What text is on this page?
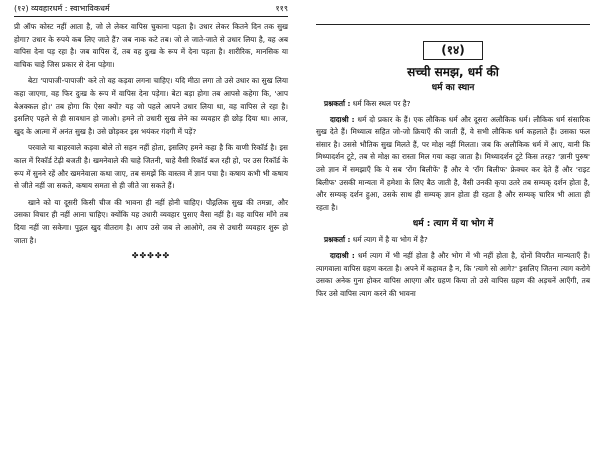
(१२) व्यवहारधर्म : स्वाभाविकधर्म	११९

प्री ऑफ कोस्ट नहीं आता है, जो ले लेकर वापिस चुकाना पड़ता है। उधार लेकर कितने दिन तक सुख होगा? उधार के रुपये कब लिए जाते हैं? जब नाक कटे तब। जो ले जाते-जाते से उधार लिया है, वह अब वापिस देना पड़ रहा है। जब वापिस दें, तब वह दुःख के रूप में देना पड़ता है। शारीरिक, मानसिक या वाचिक चाहे जिस प्रकार से देना पड़ेगा।

बेटा 'पापाजी-पापाजी' करे तो वह कड़वा लगना चाहिए। यदि मीठा लगा तो उसे उधार का सुख लिया कहा जाएगा, वह फिर दुःख के रूप में वापिस देना पड़ेगा। बेटा बड़ा होगा तब आपसे कहेगा कि, 'आप बेअक्कल हो।' तब होगा कि ऐसा क्यों? यह जो पहले आपने उधार लिया था, वह वापिस ले रहा है। इसलिए पहले से ही सावधान हो जाओ। हमने तो उधारी सुख लेने का व्यवहार ही छोड़ दिया था। आज, खुद के आत्मा में अनंत सुख है। उसे छोड़कर इस भयंकर गंदगी में पड़ें?

परवाले या बाहरवाले कड़वा बोले तो सहन नहीं होता, इसलिए हमने कहा है कि वाणी रिकॉर्ड है। इस काल में रिकॉर्ड टेढ़ी बजती है। खमनेवाले की चाहे जितनी, चाहे वैसी रिकॉर्ड बज रही हो, पर उस रिकॉर्ड के रूप में सुनने रहें और खमनेवाला कथा जाए, तब समझें कि वास्तव में ज्ञान पचा है। कषाय कभी भी कषाय से जीते नहीं जा सकते, कषाय समता से ही जीते जा सकते हैं।

खाने को या दूसरी किसी चीज की भावना ही नहीं होनी चाहिए। पौद्गलिक सुख की तमन्ना, और उसका विचार ही नहीं आना चाहिए। क्योंकि यह उधारी व्यवहार पुसाए वैसा नहीं है। वह वापिस माँगे तब दिया नहीं जा सकेगा। पुद्गल खुद वीतराग है। आप उसे जब ले आओगे, तब से उधारी व्यवहार शुरू हो जाता है।

✤✤✤✤✤
(१४)
सच्ची समझ, धर्म की
धर्म का स्थान
प्रश्नकर्ता : धर्म किस स्थल पर है?

दादाश्री : धर्म दो प्रकार के हैं। एक लौकिक धर्म और दूसरा अलौकिक धर्म। लौकिक धर्म संसारिक सुख देते हैं। मिथ्यात्व सहित जो-जो क्रियाएँ की जाती हैं, वे सभी लौकिक धर्म कहलाते हैं। उसका फल संसार है। उससे भौतिक सुख मिलते हैं, पर मोक्ष नहीं मिलता। जब कि अलौकिक धर्म में आए, यानी कि मिथ्यादर्शन टूटे, तब से मोक्ष का रास्ता मिल गया कहा जाता है। मिथ्यादर्शन टूटे किस तरह? 'ज्ञानी पुरुष' उसे ज्ञान में समझाएँ कि ये सब 'रोंग बिलीफें' हैं और ये 'राँग बिलीफ' फ्रेक्चर कर देते हैं और 'राइट बिलीफ' उसकी मान्यता में हमेशा के लिए बैठ जाती है, वैसी उनकी कृपा उतरे तब सम्यक् दर्शन होता है, और सम्यक् दर्शन हुआ, उसके साथ ही सम्यक् ज्ञान होता ही रहता है और सम्यक् चारित्र भी आता ही रहता है।

धर्म : त्याग में या भोग में
प्रश्नकर्ता : धर्म त्याग में है या भोग में है?

दादाश्री : धर्म त्याग में भी नहीं होता है और भोग में भी नहीं होता है, दोनों विपरीत मान्यताएँ हैं। त्यागवाला वापिस ग्रहण करता है। अपने में कहावत है न, कि 'त्यागे सो आगे?' इसलिए जितना त्याग करोगे उसका अनेक गुना होकर वापिस आएगा और ग्रहण किया तो उसे वापिस ग्रहण की अड़चनें आएँगी, तब फिर उसे वापिस त्याग करने की भावना
